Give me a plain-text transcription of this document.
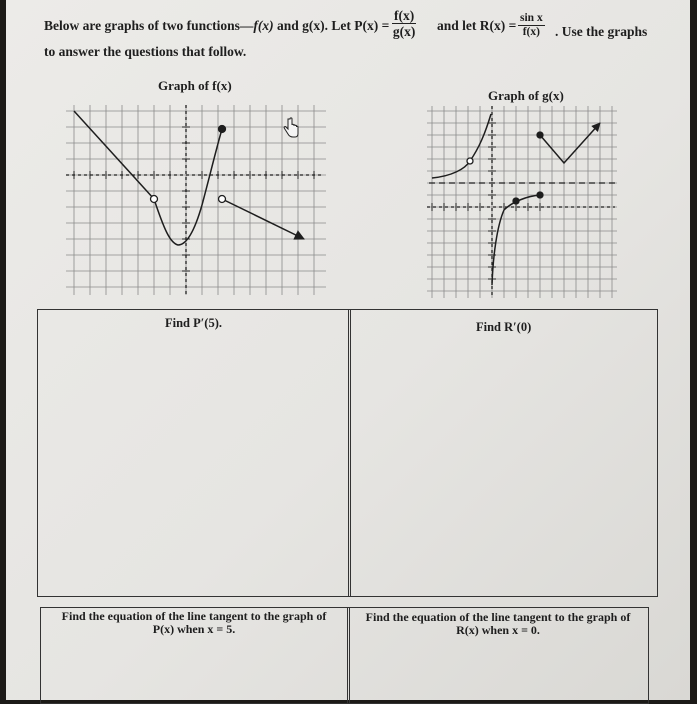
Below are graphs of two functions—f(x) and g(x). Let $P(x) = \frac{f(x)}{g(x)}$ and let $R(x) = \frac{\text{sin x}}{f(x)}$ . Use the graphs
to answer the questions that follow.
Graph of f(x)
Graph of g(x)
Find P′(5).	Find R′(0)
Find the equation of the line tangent to the graph of
P(x) when x = 5.
Find the equation of the line tangent to the graph of
R(x) when x = 0.
